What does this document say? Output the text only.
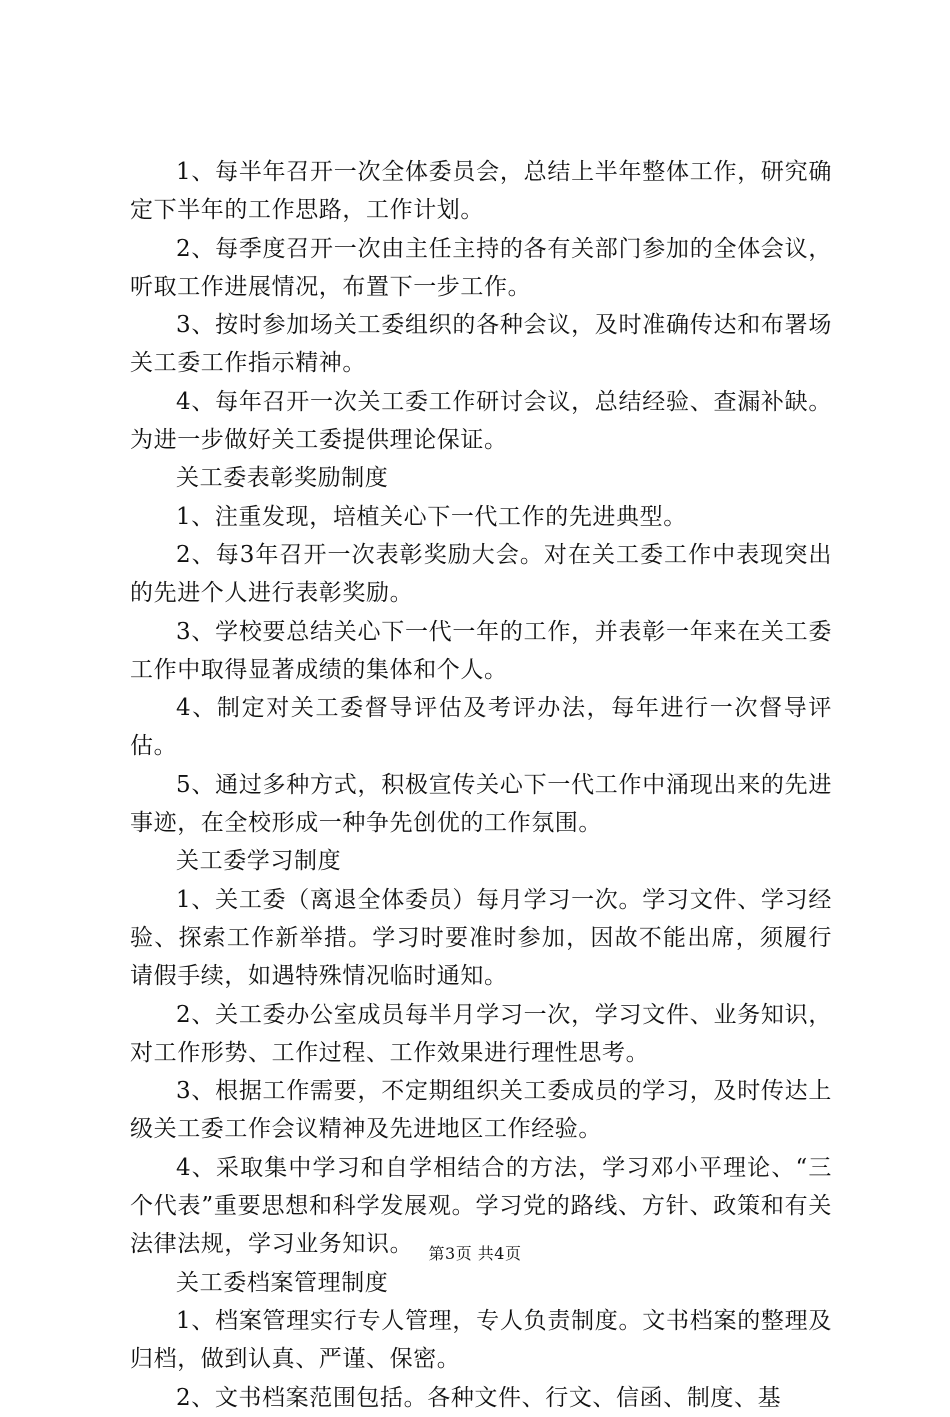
1、每半年召开一次全体委员会，总结上半年整体工作，研究确定下半年的工作思路，工作计划。

2、每季度召开一次由主任主持的各有关部门参加的全体会议，听取工作进展情况，布置下一步工作。

3、按时参加场关工委组织的各种会议，及时准确传达和布署场关工委工作指示精神。

4、每年召开一次关工委工作研讨会议，总结经验、查漏补缺。为进一步做好关工委提供理论保证。

关工委表彰奖励制度

1、注重发现，培植关心下一代工作的先进典型。

2、每3年召开一次表彰奖励大会。对在关工委工作中表现突出的先进个人进行表彰奖励。

3、学校要总结关心下一代一年的工作，并表彰一年来在关工委工作中取得显著成绩的集体和个人。

4、制定对关工委督导评估及考评办法，每年进行一次督导评估。

5、通过多种方式，积极宣传关心下一代工作中涌现出来的先进事迹，在全校形成一种争先创优的工作氛围。

关工委学习制度

1、关工委（离退全体委员）每月学习一次。学习文件、学习经验、探索工作新举措。学习时要准时参加，因故不能出席，须履行请假手续，如遇特殊情况临时通知。

2、关工委办公室成员每半月学习一次，学习文件、业务知识，对工作形势、工作过程、工作效果进行理性思考。

3、根据工作需要，不定期组织关工委成员的学习，及时传达上级关工委工作会议精神及先进地区工作经验。

4、采取集中学习和自学相结合的方法，学习邓小平理论、“三个代表”重要思想和科学发展观。学习党的路线、方针、政策和有关法律法规，学习业务知识。

关工委档案管理制度

1、档案管理实行专人管理，专人负责制度。文书档案的整理及归档，做到认真、严谨、保密。

2、文书档案范围包括。各种文件、行文、信函、制度、基

第3页 共4页
